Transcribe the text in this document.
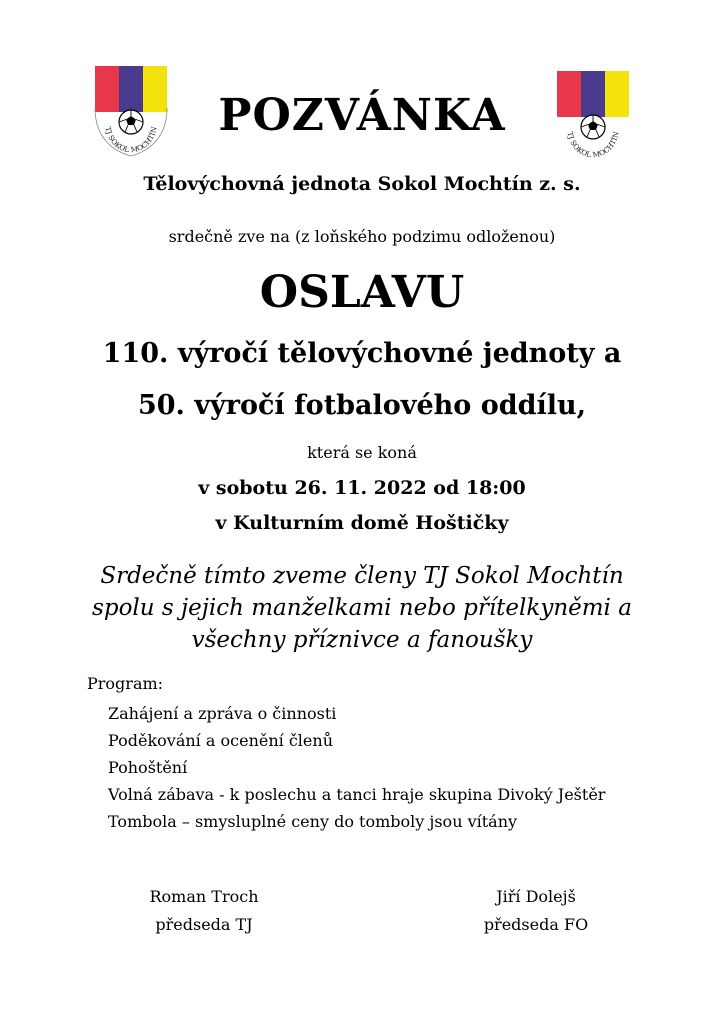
TJ SOKOL MOCHTÍN
TJ SOKOL MOCHTÍN
POZVÁNKA
Tělovýchovná jednota Sokol Mochtín z. s.
srdečně zve na (z loňského podzimu odloženou)
OSLAVU
110. výročí tělovýchovné jednoty a
50. výročí fotbalového oddílu,
která se koná
v sobotu 26. 11. 2022 od 18:00
v Kulturním domě Hoštičky
Srdečně tímto zveme členy TJ Sokol Mochtín
spolu s jejich manželkami nebo přítelkyněmi a
všechny příznivce a fanoušky
Program:
Zahájení a zpráva o činnosti
Poděkování a ocenění členů
Pohoštění
Volná zábava - k poslechu a tanci hraje skupina Divoký Ještěr
Tombola – smysluplné ceny do tomboly jsou vítány
Roman Troch
předseda TJ
Jiří Dolejš
předseda FO
